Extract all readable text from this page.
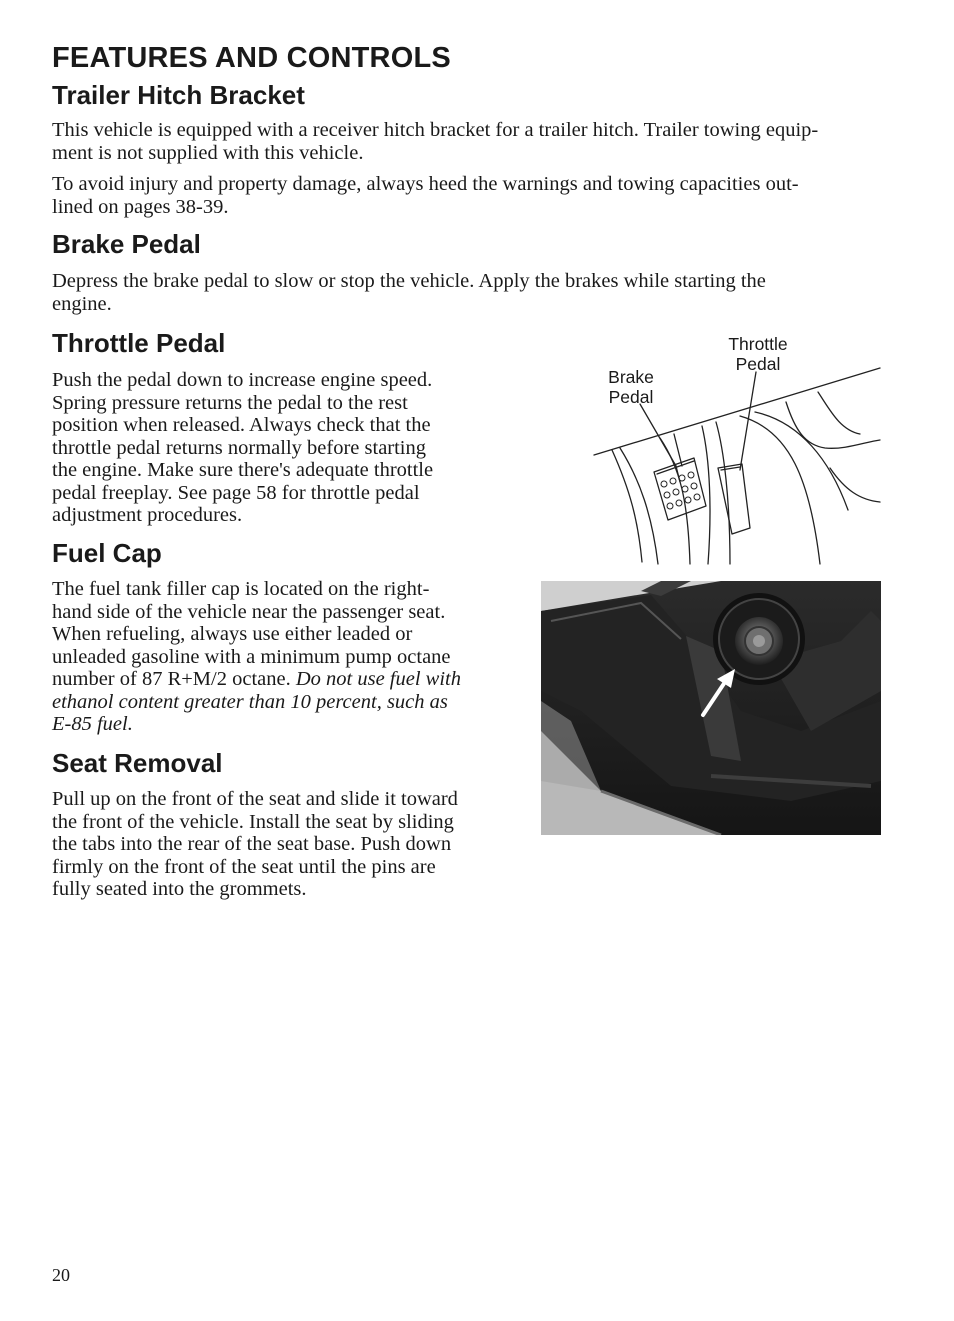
FEATURES AND CONTROLS
Trailer Hitch Bracket
This vehicle is equipped with a receiver hitch bracket for a trailer hitch. Trailer towing equip-
ment is not supplied with this vehicle.
To avoid injury and property damage, always heed the warnings and towing capacities out-
lined on pages 38-39.
Brake Pedal
Depress the brake pedal to slow or stop the vehicle. Apply the brakes while starting the
engine.
Throttle Pedal
Push the pedal down to increase engine speed.
Spring pressure returns the pedal to the rest
position when released. Always check that the
throttle pedal returns normally before starting
the engine. Make sure there's adequate throttle
pedal freeplay. See page 58 for throttle pedal
adjustment procedures.
Throttle
Pedal
Brake
Pedal
Fuel Cap
The fuel tank filler cap is located on the right-
hand side of the vehicle near the passenger seat.
When refueling, always use either leaded or
unleaded gasoline with a minimum pump octane
number of 87 R+M/2 octane. Do not use fuel with
ethanol content greater than 10 percent, such as
E-85 fuel.
Seat Removal
Pull up on the front of the seat and slide it toward
the front of the vehicle. Install the seat by sliding
the tabs into the rear of the seat base. Push down
firmly on the front of the seat until the pins are
fully seated into the grommets.
20
